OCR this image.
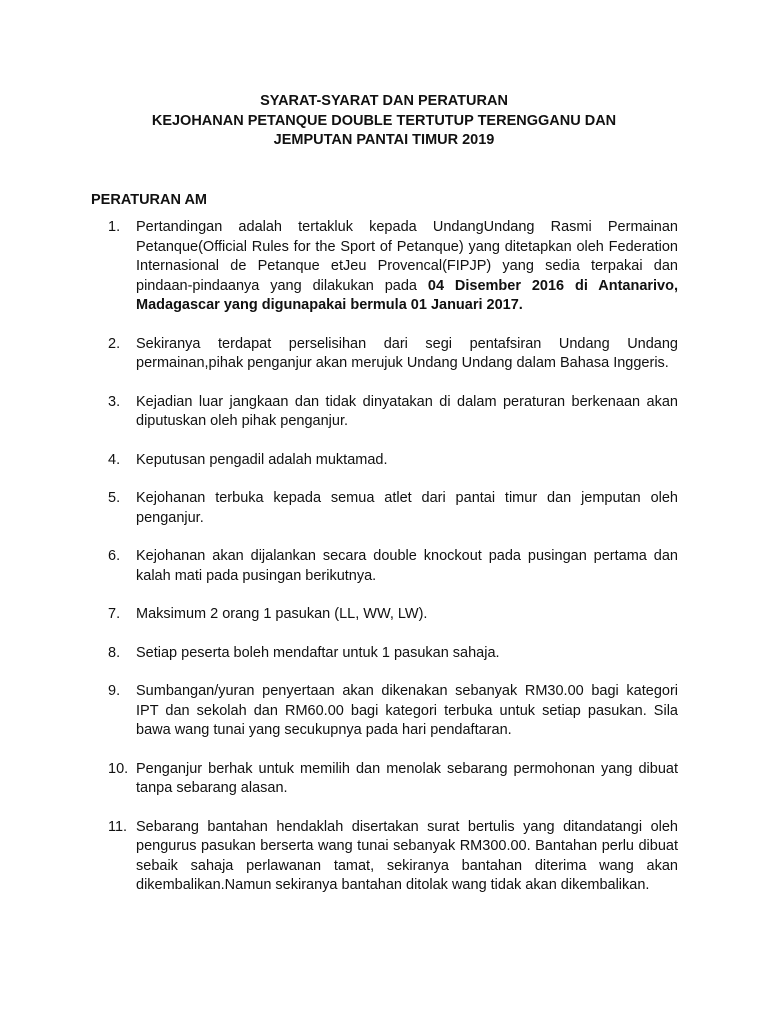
SYARAT-SYARAT DAN PERATURAN
KEJOHANAN PETANQUE DOUBLE TERTUTUP TERENGGANU DAN
JEMPUTAN PANTAI TIMUR 2019
PERATURAN AM
1.	Pertandingan adalah tertakluk kepada UndangUndang Rasmi Permainan Petanque(Official Rules for the Sport of Petanque) yang ditetapkan oleh Federation Internasional de Petanque etJeu Provencal(FIPJP) yang sedia terpakai dan pindaan-pindaanya yang dilakukan pada 04 Disember 2016 di Antanarivo, Madagascar yang digunapakai bermula 01 Januari 2017.
2.	Sekiranya terdapat perselisihan dari segi pentafsiran Undang Undang permainan,pihak penganjur akan merujuk Undang Undang dalam Bahasa Inggeris.
3.	Kejadian luar jangkaan dan tidak dinyatakan di dalam peraturan berkenaan akan diputuskan oleh pihak penganjur.
4.	Keputusan pengadil adalah muktamad.
5.	Kejohanan terbuka kepada semua atlet dari pantai timur dan jemputan oleh penganjur.
6.	Kejohanan akan dijalankan secara double knockout pada pusingan pertama dan kalah mati pada pusingan berikutnya.
7.	Maksimum 2 orang 1 pasukan (LL, WW, LW).
8.	Setiap peserta boleh mendaftar untuk 1 pasukan sahaja.
9.	Sumbangan/yuran penyertaan akan dikenakan sebanyak RM30.00 bagi kategori IPT dan sekolah dan RM60.00 bagi kategori terbuka untuk setiap pasukan. Sila bawa wang tunai yang secukupnya pada hari pendaftaran.
10. Penganjur berhak untuk memilih dan menolak sebarang permohonan yang dibuat tanpa sebarang alasan.
11. Sebarang bantahan hendaklah disertakan surat bertulis yang ditandatangi oleh pengurus pasukan berserta wang tunai sebanyak RM300.00. Bantahan perlu dibuat sebaik sahaja perlawanan tamat, sekiranya bantahan diterima wang akan dikembalikan.Namun sekiranya bantahan ditolak wang tidak akan dikembalikan.
